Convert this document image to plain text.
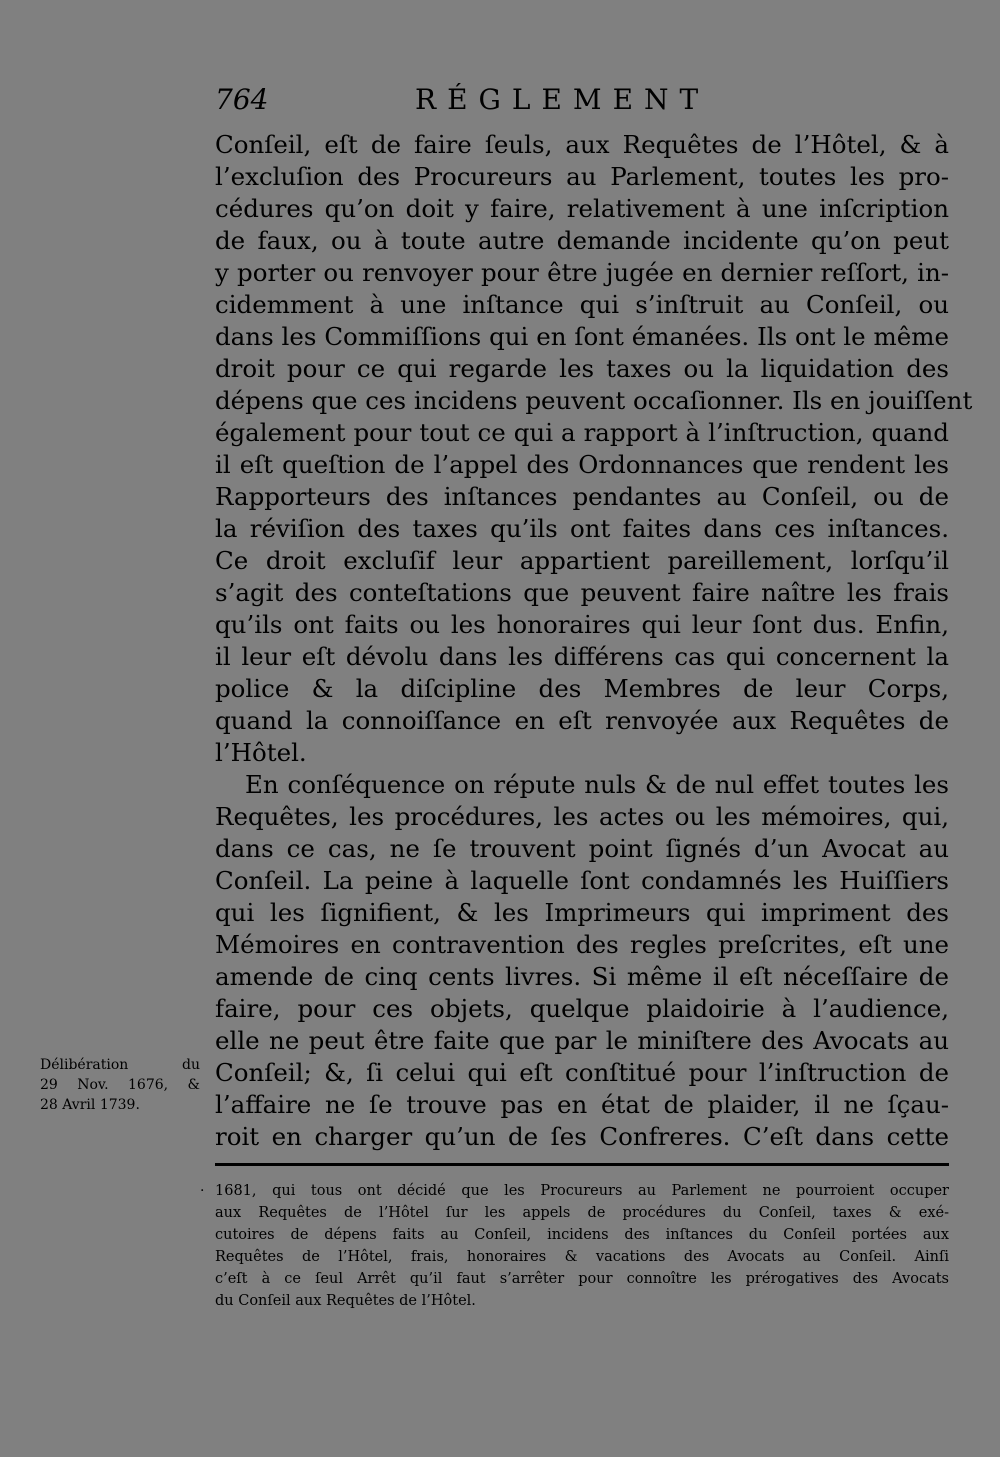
764	RÉGLEMENT
Conſeil, eſt de faire ſeuls, aux Requêtes de l’Hôtel, & à
l’excluſion des Procureurs au Parlement, toutes les pro-
cédures qu’on doit y faire, relativement à une inſcription
de faux, ou à toute autre demande incidente qu’on peut
y porter ou renvoyer pour être jugée en dernier reſſort, in-
cidemment à une inſtance qui s’inſtruit au Conſeil, ou
dans les Commiſſions qui en ſont émanées. Ils ont le même
droit pour ce qui regarde les taxes ou la liquidation des
dépens que ces incidens peuvent occaſionner. Ils en jouiſſent
également pour tout ce qui a rapport à l’inſtruction, quand
il eſt queſtion de l’appel des Ordonnances que rendent les
Rapporteurs des inſtances pendantes au Conſeil, ou de
la réviſion des taxes qu’ils ont faites dans ces inſtances.
Ce droit excluſif leur appartient pareillement, lorſqu’il
s’agit des conteſtations que peuvent faire naître les frais
qu’ils ont faits ou les honoraires qui leur ſont dus. Enfin,
il leur eſt dévolu dans les différens cas qui concernent la
police & la diſcipline des Membres de leur Corps,
quand la connoiſſance en eſt renvoyée aux Requêtes de
l’Hôtel.
En conſéquence on répute nuls & de nul effet toutes les
Requêtes, les procédures, les actes ou les mémoires, qui,
dans ce cas, ne ſe trouvent point ſignés d’un Avocat au
Conſeil. La peine à laquelle ſont condamnés les Huiſſiers
qui les ſignifient, & les Imprimeurs qui impriment des
Mémoires en contravention des regles preſcrites, eſt une
amende de cinq cents livres. Si même il eſt néceſſaire de
faire, pour ces objets, quelque plaidoirie à l’audience,
elle ne peut être faite que par le miniſtere des Avocats au
Conſeil; &, ſi celui qui eſt conſtitué pour l’inſtruction de
l’affaire ne ſe trouve pas en état de plaider, il ne ſçau-
roit en charger qu’un de ſes Confreres. C’eſt dans cette
Délibération du
29 Nov. 1676, &
28 Avril 1739.
· 1681, qui tous ont décidé que les Procureurs au Parlement ne pourroient occuper
aux Requêtes de l’Hôtel ſur les appels de procédures du Conſeil, taxes & exé-
cutoires de dépens faits au Conſeil, incidens des inſtances du Conſeil portées aux
Requêtes de l’Hôtel, frais, honoraires & vacations des Avocats au Conſeil. Ainſi
c’eſt à ce ſeul Arrêt qu’il faut s’arrêter pour connoître les prérogatives des Avocats
du Conſeil aux Requêtes de l’Hôtel.
